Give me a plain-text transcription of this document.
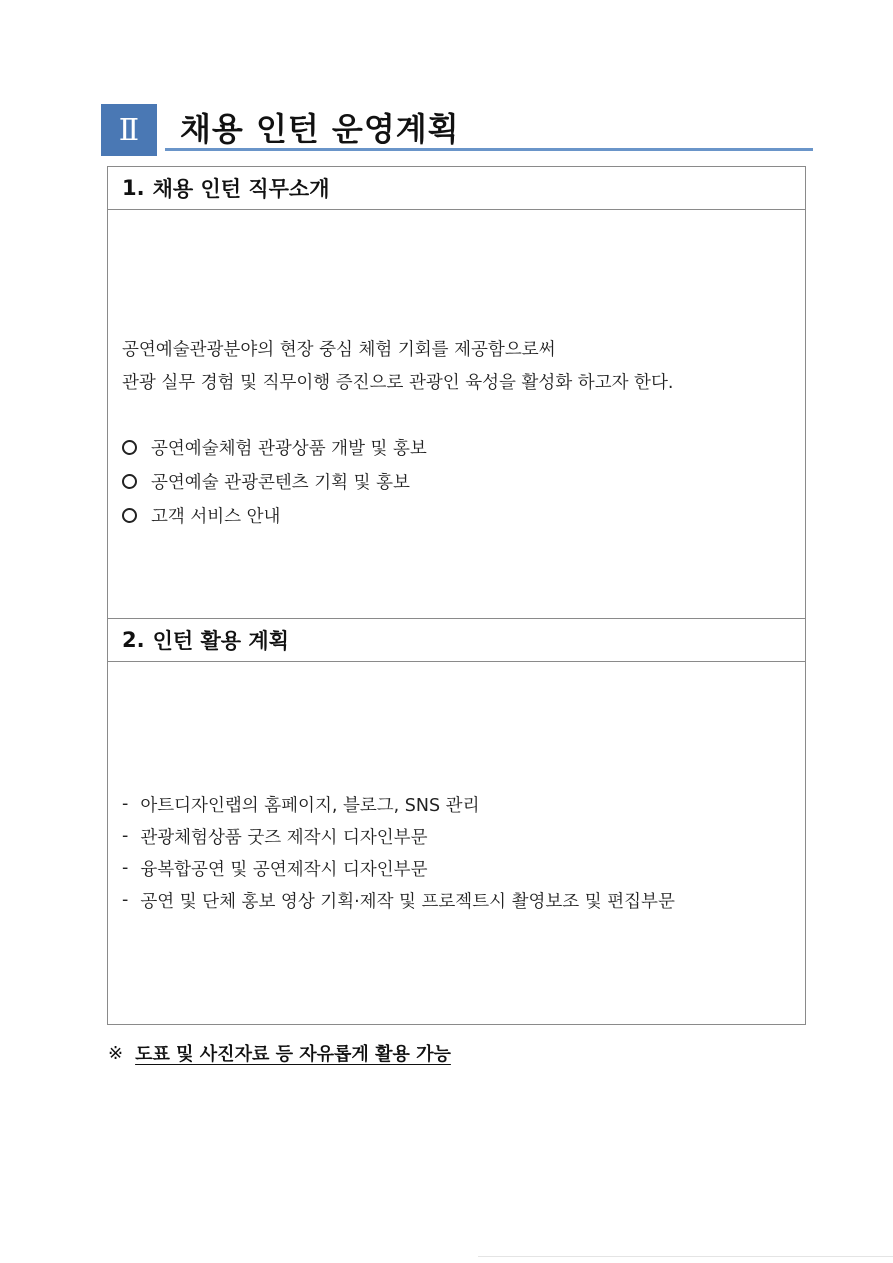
Ⅱ	채용 인턴 운영계획
1. 채용 인턴 직무소개
공연예술관광분야의 현장 중심 체험 기회를 제공함으로써
관광 실무 경험 및 직무이행 증진으로 관광인 육성을 활성화 하고자 한다.
공연예술체험 관광상품 개발 및 홍보
공연예술 관광콘텐츠 기획 및 홍보
고객 서비스 안내
2. 인턴 활용 계획
- 아트디자인랩의 홈페이지, 블로그, SNS 관리
- 관광체험상품 굿즈 제작시 디자인부문
- 융복합공연 및 공연제작시 디자인부문
- 공연 및 단체 홍보 영상 기획·제작 및 프로젝트시 촬영보조 및 편집부문
※ 도표 및 사진자료 등 자유롭게 활용 가능
